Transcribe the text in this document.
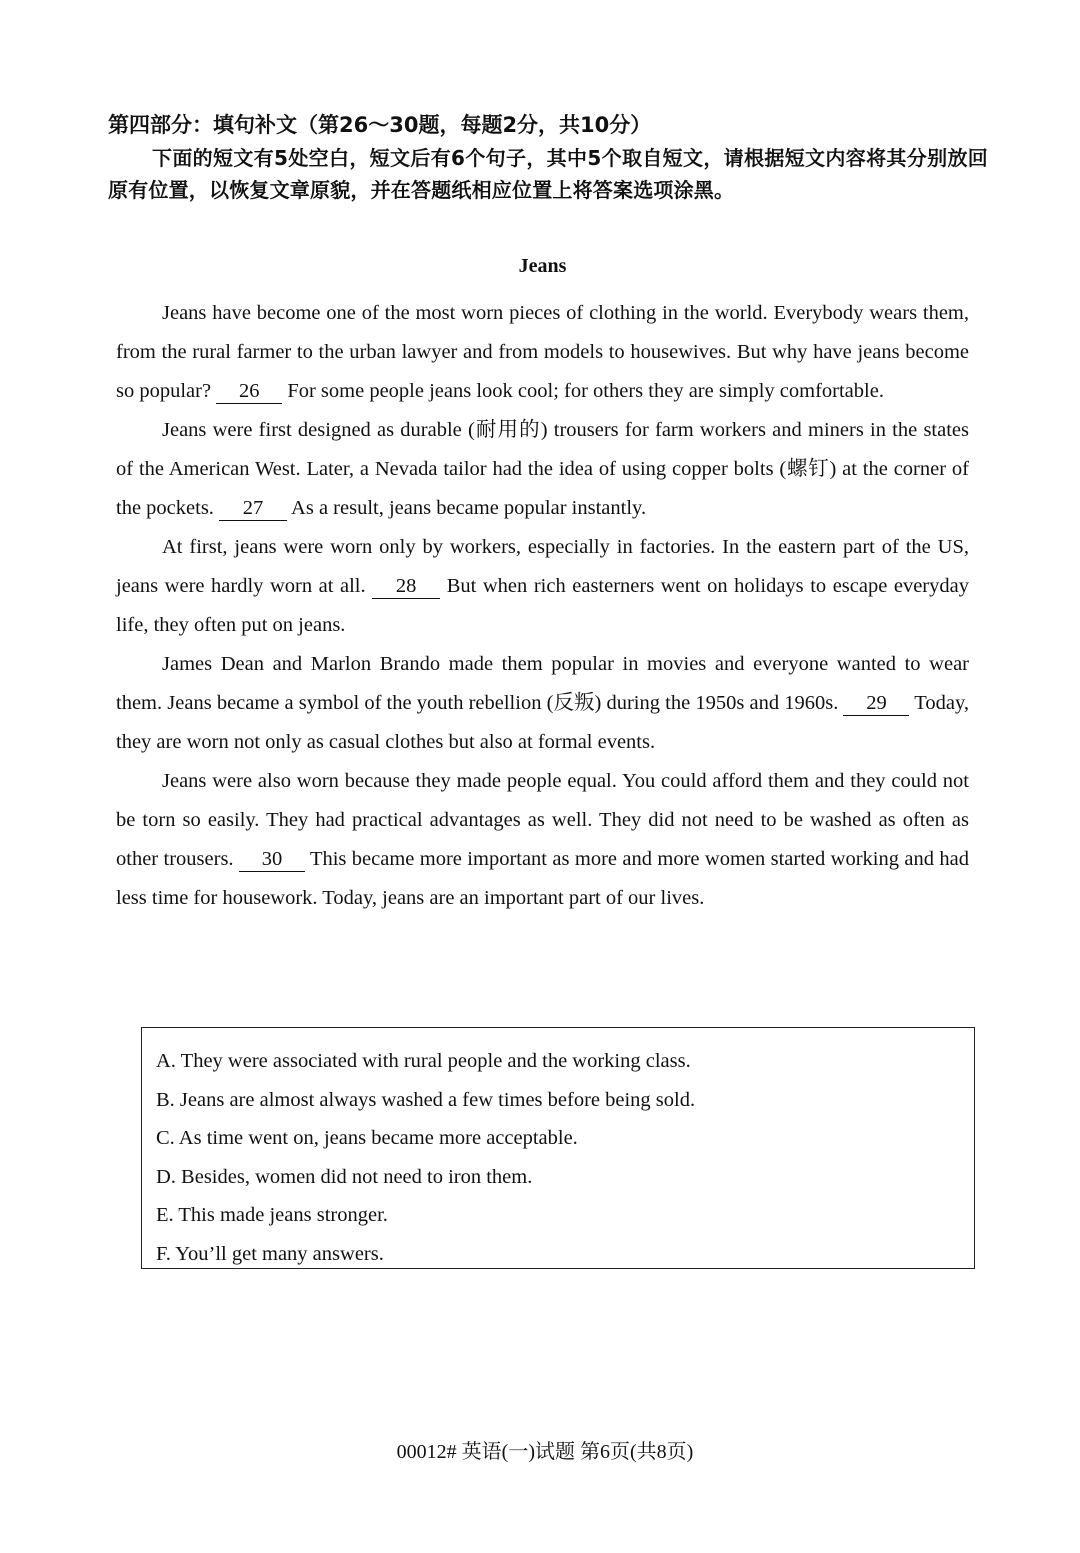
第四部分：填句补文（第26～30题，每题2分，共10分）
下面的短文有5处空白，短文后有6个句子，其中5个取自短文，请根据短文内容将其分别放回原有位置，以恢复文章原貌，并在答题纸相应位置上将答案选项涂黑。
Jeans

Jeans have become one of the most worn pieces of clothing in the world. Everybody wears them, from the rural farmer to the urban lawyer and from models to housewives. But why have jeans become so popular? 26 For some people jeans look cool; for others they are simply comfortable.

Jeans were first designed as durable (耐用的) trousers for farm workers and miners in the states of the American West. Later, a Nevada tailor had the idea of using copper bolts (螺钉) at the corner of the pockets. 27 As a result, jeans became popular instantly.

At first, jeans were worn only by workers, especially in factories. In the eastern part of the US, jeans were hardly worn at all. 28 But when rich easterners went on holidays to escape everyday life, they often put on jeans.

James Dean and Marlon Brando made them popular in movies and everyone wanted to wear them. Jeans became a symbol of the youth rebellion (反叛) during the 1950s and 1960s. 29 Today, they are worn not only as casual clothes but also at formal events.

Jeans were also worn because they made people equal. You could afford them and they could not be torn so easily. They had practical advantages as well. They did not need to be washed as often as other trousers. 30 This became more important as more and more women started working and had less time for housework. Today, jeans are an important part of our lives.

A. They were associated with rural people and the working class.
B. Jeans are almost always washed a few times before being sold.
C. As time went on, jeans became more acceptable.
D. Besides, women did not need to iron them.
E. This made jeans stronger.
F. You’ll get many answers.
00012# 英语(一)试题 第6页(共8页)
